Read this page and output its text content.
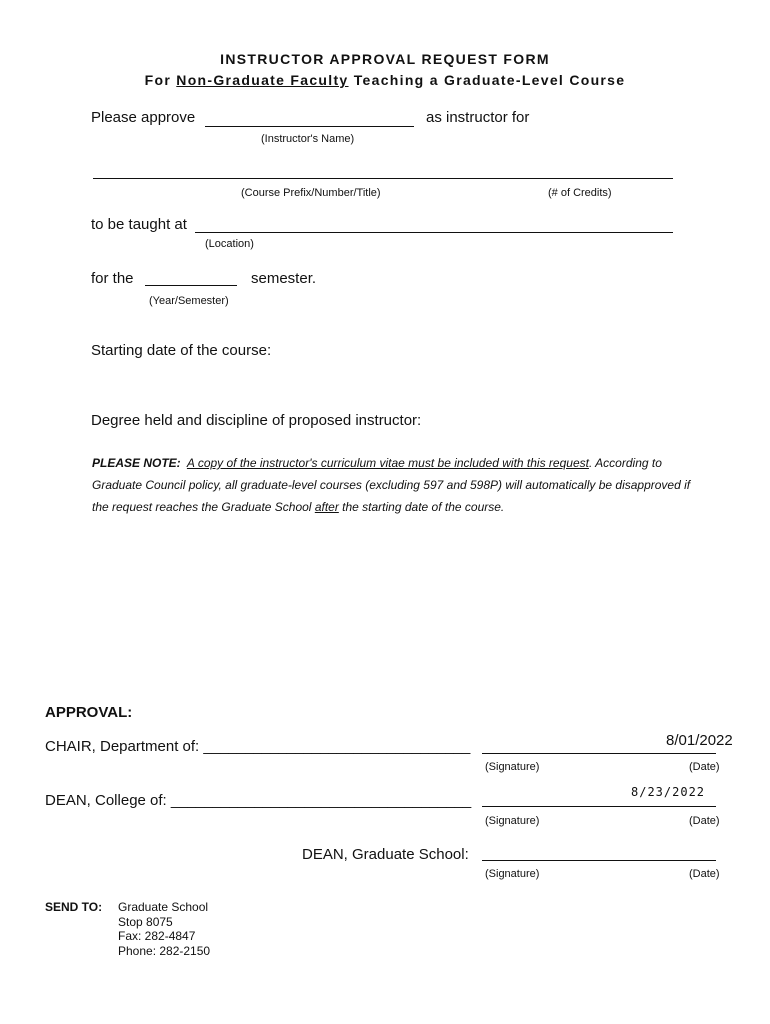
INSTRUCTOR APPROVAL REQUEST FORM
For Non-Graduate Faculty Teaching a Graduate-Level Course
Please approve	as instructor for
(Instructor's Name)
(Course Prefix/Number/Title)	(# of Credits)
to be taught at
(Location)
for the	semester.
(Year/Semester)
Starting date of the course:
Degree held and discipline of proposed instructor:
PLEASE NOTE: A copy of the instructor's curriculum vitae must be included with this request. According to Graduate Council policy, all graduate-level courses (excluding 597 and 598P) will automatically be disapproved if the request reaches the Graduate School after the starting date of the course.
APPROVAL:
CHAIR, Department of: ________________________________	8/01/2022
(Signature)	(Date)
DEAN, College of: ____________________________________	8/23/2022
(Signature)	(Date)
DEAN, Graduate School:
(Signature)	(Date)
SEND TO: Graduate School
Stop 8075
Fax: 282-4847
Phone: 282-2150
